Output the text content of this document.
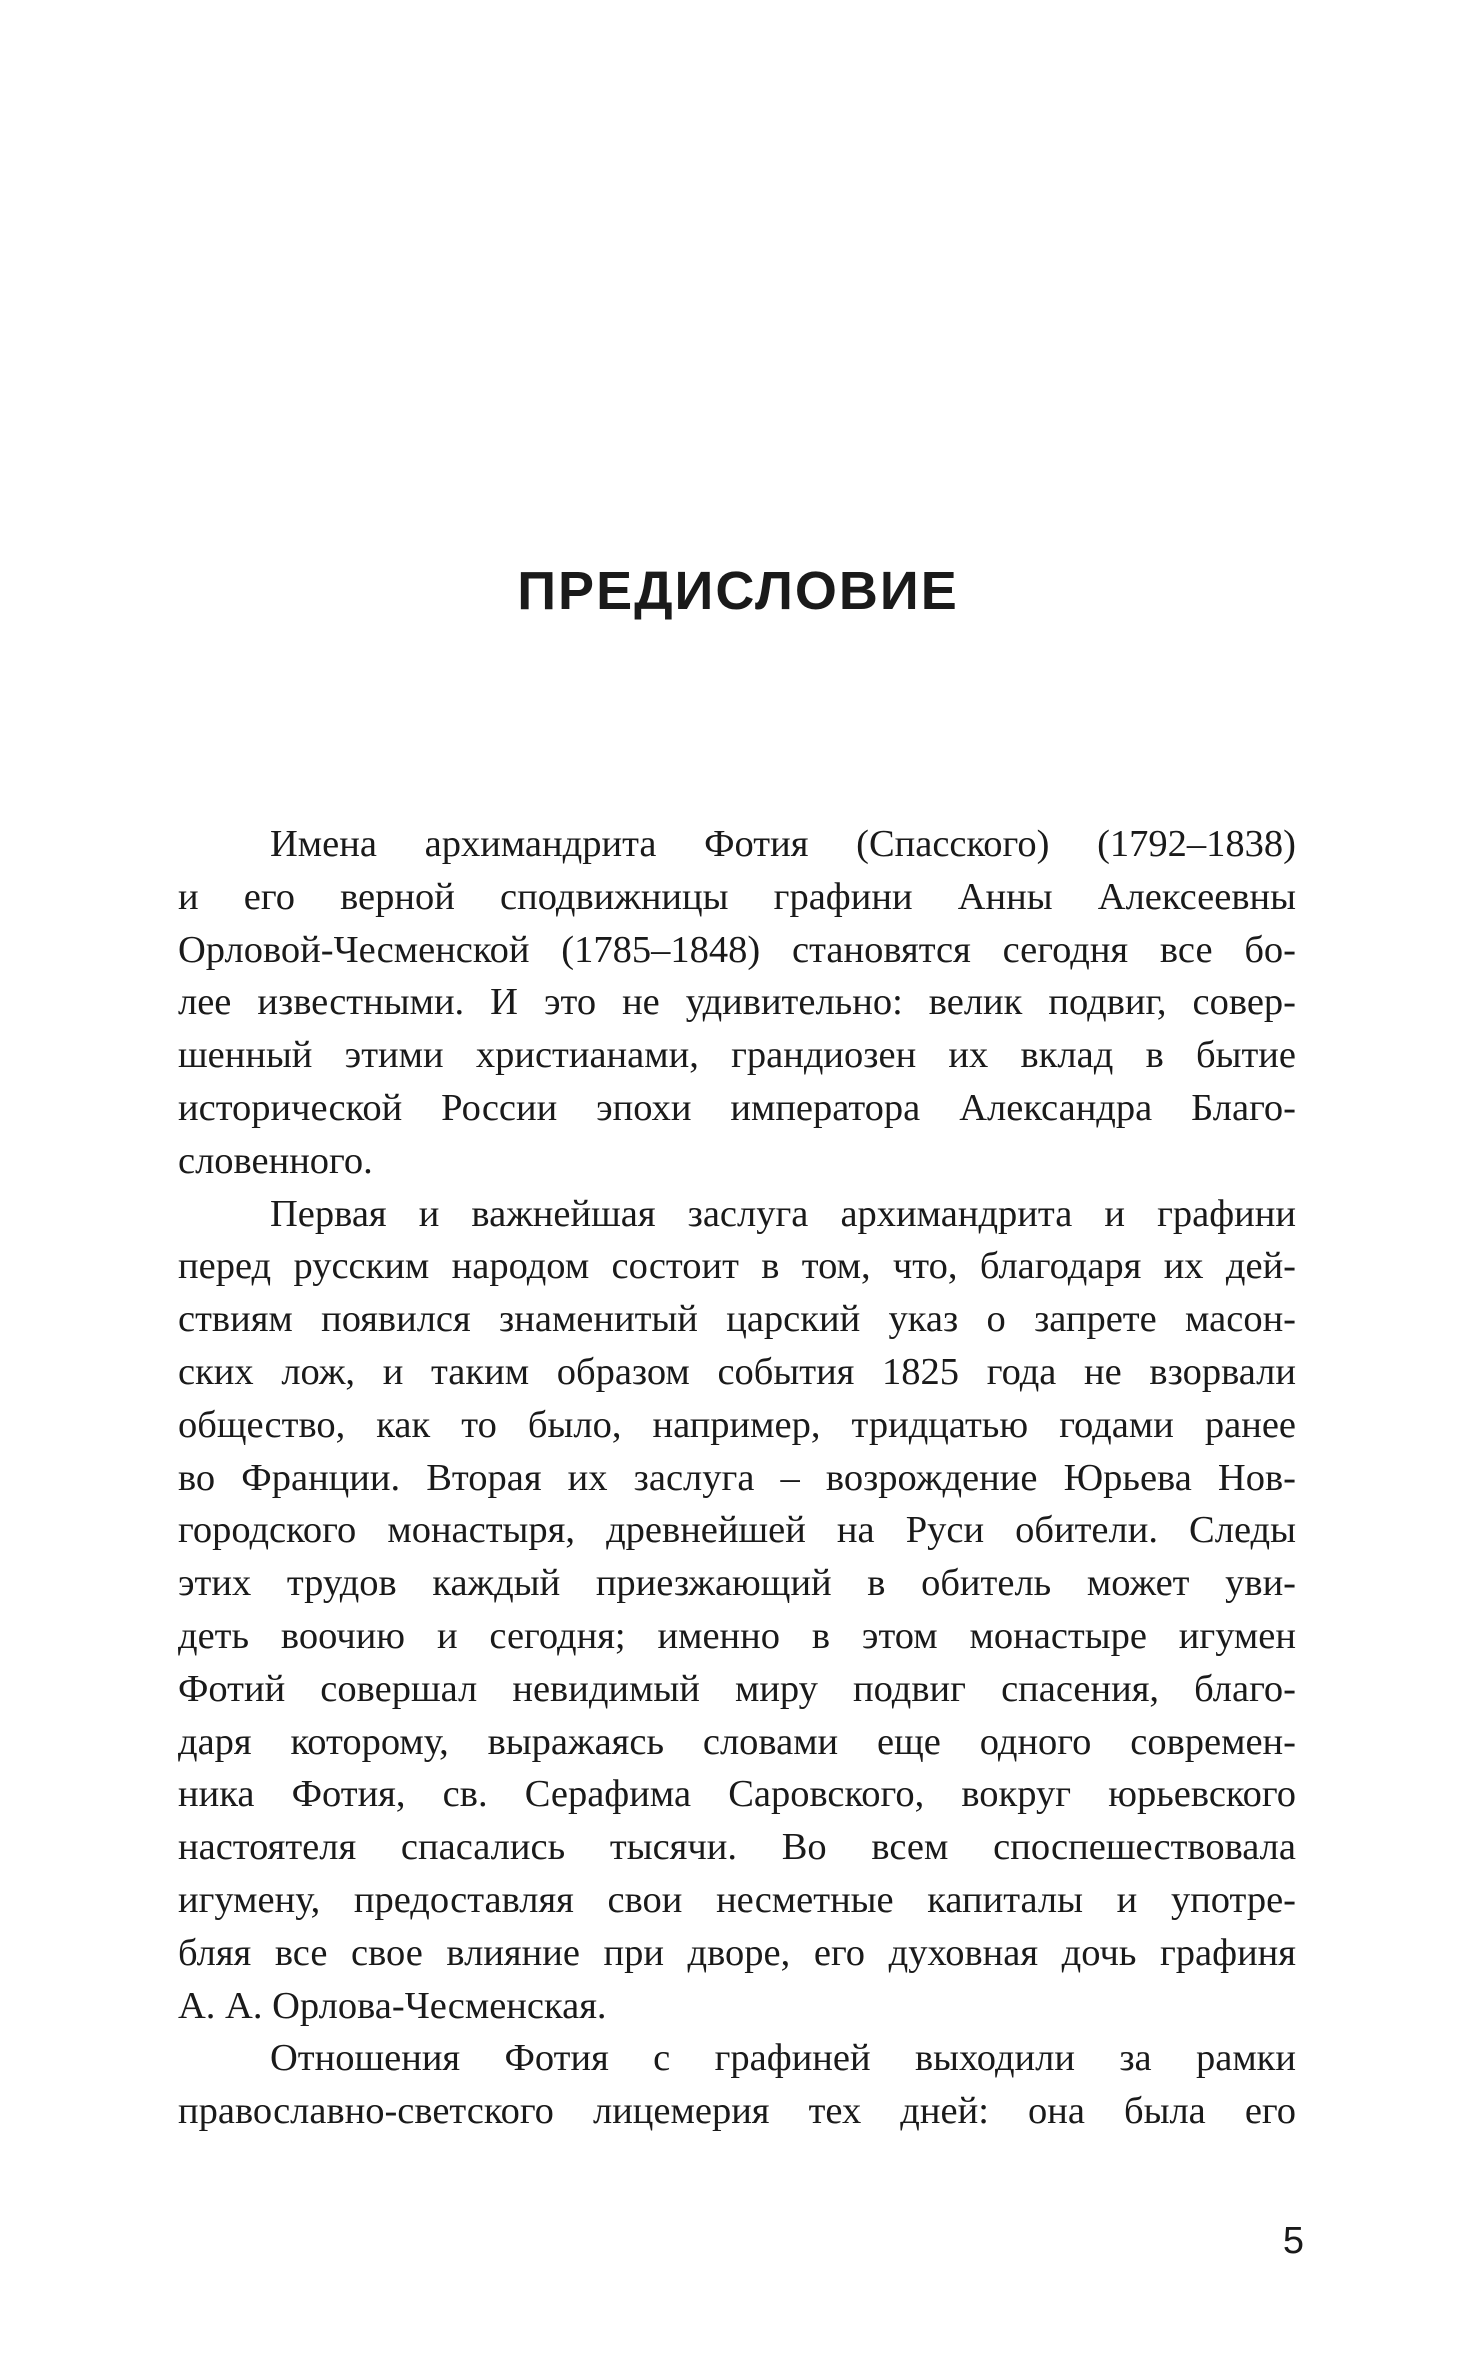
ПРЕДИСЛОВИЕ
Имена архимандрита Фотия (Спасского) (1792–1838)
и его верной сподвижницы графини Анны Алексеевны
Орловой-Чесменской (1785–1848) становятся сегодня все бо-
лее известными. И это не удивительно: велик подвиг, совер-
шенный этими христианами, грандиозен их вклад в бытие
исторической России эпохи императора Александра Благо-
словенного.
Первая и важнейшая заслуга архимандрита и графини
перед русским народом состоит в том, что, благодаря их дей-
ствиям появился знаменитый царский указ о запрете масон-
ских лож, и таким образом события 1825 года не взорвали
общество, как то было, например, тридцатью годами ранее
во Франции. Вторая их заслуга – возрождение Юрьева Нов-
городского монастыря, древнейшей на Руси обители. Следы
этих трудов каждый приезжающий в обитель может уви-
деть воочию и сегодня; именно в этом монастыре игумен
Фотий совершал невидимый миру подвиг спасения, благо-
даря которому, выражаясь словами еще одного современ-
ника Фотия, св. Серафима Саровского, вокруг юрьевского
настоятеля спасались тысячи. Во всем споспешествовала
игумену, предоставляя свои несметные капиталы и употре-
бляя все свое влияние при дворе, его духовная дочь графиня
А. А. Орлова-Чесменская.
Отношения Фотия с графиней выходили за рамки
православно-светского лицемерия тех дней: она была его
5
